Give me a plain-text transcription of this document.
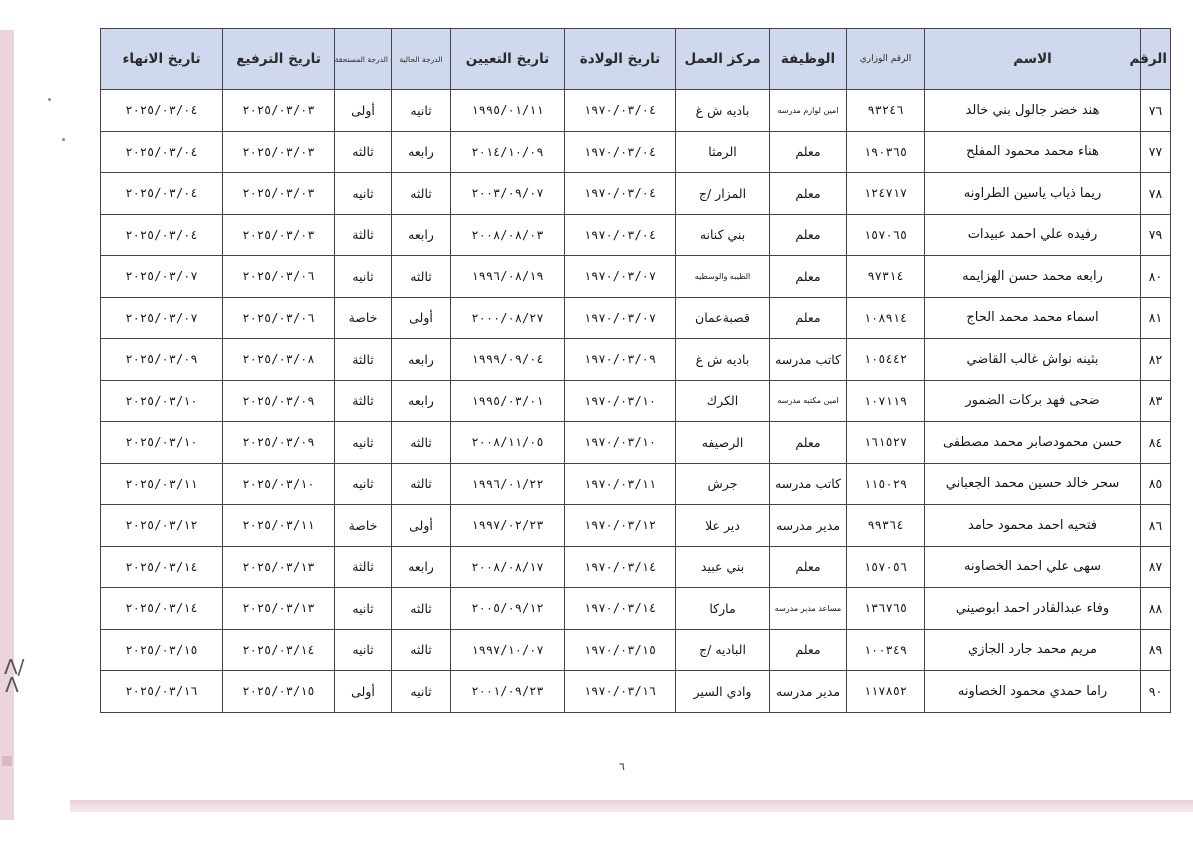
Ʌ/Ʌ
الرقم	الاسم	الرقم الوزاري	الوظيفة	مركز العمل	تاريخ الولادة	تاريخ التعيين	الدرجة الحالية	الدرجة المستحقة	تاريخ الترفيع	تاريخ الانهاء
٧٦	هند خضر جالول بني خالد	٩٣٢٤٦	امين لوازم مدرسه	باديه ش غ	١٩٧٠/٠٣/٠٤	١٩٩٥/٠١/١١	ثانيه	أولى	٢٠٢٥/٠٣/٠٣	٢٠٢٥/٠٣/٠٤
٧٧	هناء محمد محمود المفلح	١٩٠٣٦٥	معلم	الرمثا	١٩٧٠/٠٣/٠٤	٢٠١٤/١٠/٠٩	رابعه	ثالثه	٢٠٢٥/٠٣/٠٣	٢٠٢٥/٠٣/٠٤
٧٨	ريما ذياب ياسين الطراونه	١٢٤٧١٧	معلم	المزار /ج	١٩٧٠/٠٣/٠٤	٢٠٠٣/٠٩/٠٧	ثالثه	ثانيه	٢٠٢٥/٠٣/٠٣	٢٠٢٥/٠٣/٠٤
٧٩	رفيده علي احمد عبيدات	١٥٧٠٦٥	معلم	بني كنانه	١٩٧٠/٠٣/٠٤	٢٠٠٨/٠٨/٠٣	رابعه	ثالثة	٢٠٢٥/٠٣/٠٣	٢٠٢٥/٠٣/٠٤
٨٠	رابعه محمد حسن الهزايمه	٩٧٣١٤	معلم	الطيبه والوسطيه	١٩٧٠/٠٣/٠٧	١٩٩٦/٠٨/١٩	ثالثه	ثانيه	٢٠٢٥/٠٣/٠٦	٢٠٢٥/٠٣/٠٧
٨١	اسماء محمد محمد الحاج	١٠٨٩١٤	معلم	قصبةعمان	١٩٧٠/٠٣/٠٧	٢٠٠٠/٠٨/٢٧	أولى	خاصة	٢٠٢٥/٠٣/٠٦	٢٠٢٥/٠٣/٠٧
٨٢	بثينه نواش غالب القاضي	١٠٥٤٤٢	كاتب مدرسه	باديه ش غ	١٩٧٠/٠٣/٠٩	١٩٩٩/٠٩/٠٤	رابعه	ثالثة	٢٠٢٥/٠٣/٠٨	٢٠٢٥/٠٣/٠٩
٨٣	ضحى فهد بركات الضمور	١٠٧١١٩	امين مكتبه مدرسه	الكرك	١٩٧٠/٠٣/١٠	١٩٩٥/٠٣/٠١	رابعه	ثالثة	٢٠٢٥/٠٣/٠٩	٢٠٢٥/٠٣/١٠
٨٤	حسن محمودصابر محمد مصطفى	١٦١٥٢٧	معلم	الرصيفه	١٩٧٠/٠٣/١٠	٢٠٠٨/١١/٠٥	ثالثه	ثانيه	٢٠٢٥/٠٣/٠٩	٢٠٢٥/٠٣/١٠
٨٥	سحر خالد حسين محمد الجعباني	١١٥٠٢٩	كاتب مدرسه	جرش	١٩٧٠/٠٣/١١	١٩٩٦/٠١/٢٢	ثالثه	ثانيه	٢٠٢٥/٠٣/١٠	٢٠٢٥/٠٣/١١
٨٦	فتحيه احمد محمود حامد	٩٩٣٦٤	مدير مدرسه	دير علا	١٩٧٠/٠٣/١٢	١٩٩٧/٠٢/٢٣	أولى	خاصة	٢٠٢٥/٠٣/١١	٢٠٢٥/٠٣/١٢
٨٧	سهى علي احمد الخصاونه	١٥٧٠٥٦	معلم	بني عبيد	١٩٧٠/٠٣/١٤	٢٠٠٨/٠٨/١٧	رابعه	ثالثة	٢٠٢٥/٠٣/١٣	٢٠٢٥/٠٣/١٤
٨٨	وفاء عبدالقادر احمد ابوصيني	١٣٦٧٦٥	مساعد مدير مدرسه	ماركا	١٩٧٠/٠٣/١٤	٢٠٠٥/٠٩/١٢	ثالثه	ثانيه	٢٠٢٥/٠٣/١٣	٢٠٢٥/٠٣/١٤
٨٩	مريم محمد جارد الجازي	١٠٠٣٤٩	معلم	الباديه /ج	١٩٧٠/٠٣/١٥	١٩٩٧/١٠/٠٧	ثالثه	ثانيه	٢٠٢٥/٠٣/١٤	٢٠٢٥/٠٣/١٥
٩٠	راما حمدي محمود الخصاونه	١١٧٨٥٢	مدير مدرسه	وادي السير	١٩٧٠/٠٣/١٦	٢٠٠١/٠٩/٢٣	ثانيه	أولى	٢٠٢٥/٠٣/١٥	٢٠٢٥/٠٣/١٦
٦
